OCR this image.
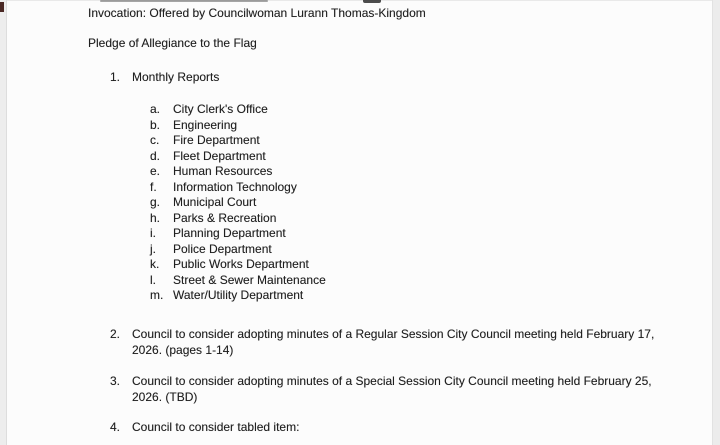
Invocation: Offered by Councilwoman Lurann Thomas-Kingdom

Pledge of Allegiance to the Flag

1. Monthly Reports
a.	City Clerk's Office
b.	Engineering
c.	Fire Department
d.	Fleet Department
e.	Human Resources
f.	Information Technology
g.	Municipal Court
h.	Parks & Recreation
i.	Planning Department
j.	Police Department
k.	Public Works Department
l.	Street & Sewer Maintenance
m. Water/Utility Department
2. Council to consider adopting minutes of a Regular Session City Council meeting held February 17,
2026. (pages 1-14)
3. Council to consider adopting minutes of a Special Session City Council meeting held February 25,
2026. (TBD)
4. Council to consider tabled item:
